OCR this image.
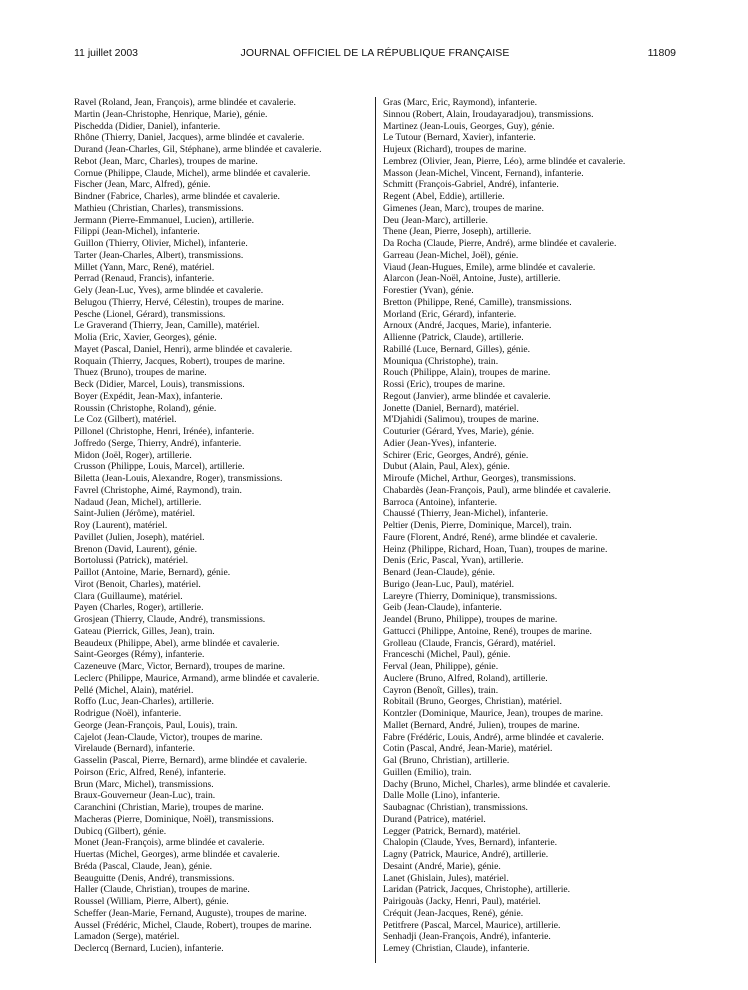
11 juillet 2003	JOURNAL OFFICIEL DE LA RÉPUBLIQUE FRANÇAISE	11809
Ravel (Roland, Jean, François), arme blindée et cavalerie.
Martin (Jean-Christophe, Henrique, Marie), génie.
Pischedda (Didier, Daniel), infanterie.
Rhône (Thierry, Daniel, Jacques), arme blindée et cavalerie.
Durand (Jean-Charles, Gil, Stéphane), arme blindée et cavalerie.
Rebot (Jean, Marc, Charles), troupes de marine.
Cornue (Philippe, Claude, Michel), arme blindée et cavalerie.
Fischer (Jean, Marc, Alfred), génie.
Bindner (Fabrice, Charles), arme blindée et cavalerie.
Mathieu (Christian, Charles), transmissions.
Jermann (Pierre-Emmanuel, Lucien), artillerie.
Filippi (Jean-Michel), infanterie.
Guillon (Thierry, Olivier, Michel), infanterie.
Tarter (Jean-Charles, Albert), transmissions.
Millet (Yann, Marc, René), matériel.
Perrad (Renaud, Francis), infanterie.
Gely (Jean-Luc, Yves), arme blindée et cavalerie.
Belugou (Thierry, Hervé, Célestin), troupes de marine.
Pesche (Lionel, Gérard), transmissions.
Le Graverand (Thierry, Jean, Camille), matériel.
Molia (Eric, Xavier, Georges), génie.
Mayet (Pascal, Daniel, Henri), arme blindée et cavalerie.
Roquain (Thierry, Jacques, Robert), troupes de marine.
Thuez (Bruno), troupes de marine.
Beck (Didier, Marcel, Louis), transmissions.
Boyer (Expédit, Jean-Max), infanterie.
Roussin (Christophe, Roland), génie.
Le Coz (Gilbert), matériel.
Pillonel (Christophe, Henri, Irénée), infanterie.
Joffredo (Serge, Thierry, André), infanterie.
Midon (Joël, Roger), artillerie.
Crusson (Philippe, Louis, Marcel), artillerie.
Biletta (Jean-Louis, Alexandre, Roger), transmissions.
Favrel (Christophe, Aimé, Raymond), train.
Nadaud (Jean, Michel), artillerie.
Saint-Julien (Jérôme), matériel.
Roy (Laurent), matériel.
Pavillet (Julien, Joseph), matériel.
Brenon (David, Laurent), génie.
Bortolussi (Patrick), matériel.
Paillot (Antoine, Marie, Bernard), génie.
Virot (Benoit, Charles), matériel.
Clara (Guillaume), matériel.
Payen (Charles, Roger), artillerie.
Grosjean (Thierry, Claude, André), transmissions.
Gateau (Pierrick, Gilles, Jean), train.
Beaudeux (Philippe, Abel), arme blindée et cavalerie.
Saint-Georges (Rémy), infanterie.
Cazeneuve (Marc, Victor, Bernard), troupes de marine.
Leclerc (Philippe, Maurice, Armand), arme blindée et cavalerie.
Pellé (Michel, Alain), matériel.
Roffo (Luc, Jean-Charles), artillerie.
Rodrigue (Noël), infanterie.
George (Jean-François, Paul, Louis), train.
Cajelot (Jean-Claude, Victor), troupes de marine.
Virelaude (Bernard), infanterie.
Gasselin (Pascal, Pierre, Bernard), arme blindée et cavalerie.
Poirson (Eric, Alfred, René), infanterie.
Brun (Marc, Michel), transmissions.
Braux-Gouverneur (Jean-Luc), train.
Caranchini (Christian, Marie), troupes de marine.
Macheras (Pierre, Dominique, Noël), transmissions.
Dubicq (Gilbert), génie.
Monet (Jean-François), arme blindée et cavalerie.
Huertas (Michel, Georges), arme blindée et cavalerie.
Bréda (Pascal, Claude, Jean), génie.
Beauguitte (Denis, André), transmissions.
Haller (Claude, Christian), troupes de marine.
Roussel (William, Pierre, Albert), génie.
Scheffer (Jean-Marie, Fernand, Auguste), troupes de marine.
Aussel (Frédéric, Michel, Claude, Robert), troupes de marine.
Lamadon (Serge), matériel.
Declercq (Bernard, Lucien), infanterie.
Gras (Marc, Eric, Raymond), infanterie.
Sinnou (Robert, Alain, Iroudayaradjou), transmissions.
Martinez (Jean-Louis, Georges, Guy), génie.
Le Tutour (Bernard, Xavier), infanterie.
Hujeux (Richard), troupes de marine.
Lembrez (Olivier, Jean, Pierre, Léo), arme blindée et cavalerie.
Masson (Jean-Michel, Vincent, Fernand), infanterie.
Schmitt (François-Gabriel, André), infanterie.
Regent (Abel, Eddie), artillerie.
Gimenes (Jean, Marc), troupes de marine.
Deu (Jean-Marc), artillerie.
Thene (Jean, Pierre, Joseph), artillerie.
Da Rocha (Claude, Pierre, André), arme blindée et cavalerie.
Garreau (Jean-Michel, Joël), génie.
Viaud (Jean-Hugues, Emile), arme blindée et cavalerie.
Alarcon (Jean-Noël, Antoine, Juste), artillerie.
Forestier (Yvan), génie.
Bretton (Philippe, René, Camille), transmissions.
Morland (Eric, Gérard), infanterie.
Arnoux (André, Jacques, Marie), infanterie.
Allienne (Patrick, Claude), artillerie.
Rabillé (Luce, Bernard, Gilles), génie.
Mouniqua (Christophe), train.
Rouch (Philippe, Alain), troupes de marine.
Rossi (Eric), troupes de marine.
Regout (Janvier), arme blindée et cavalerie.
Jonette (Daniel, Bernard), matériel.
M'Djahidi (Salimou), troupes de marine.
Couturier (Gérard, Yves, Marie), génie.
Adier (Jean-Yves), infanterie.
Schirer (Eric, Georges, André), génie.
Dubut (Alain, Paul, Alex), génie.
Miroufe (Michel, Arthur, Georges), transmissions.
Chabardès (Jean-François, Paul), arme blindée et cavalerie.
Barroca (Antoine), infanterie.
Chaussé (Thierry, Jean-Michel), infanterie.
Peltier (Denis, Pierre, Dominique, Marcel), train.
Faure (Florent, André, René), arme blindée et cavalerie.
Heinz (Philippe, Richard, Hoan, Tuan), troupes de marine.
Denis (Eric, Pascal, Yvan), artillerie.
Benard (Jean-Claude), génie.
Burigo (Jean-Luc, Paul), matériel.
Lareyre (Thierry, Dominique), transmissions.
Geib (Jean-Claude), infanterie.
Jeandel (Bruno, Philippe), troupes de marine.
Gattucci (Philippe, Antoine, René), troupes de marine.
Grolleau (Claude, Francis, Gérard), matériel.
Franceschi (Michel, Paul), génie.
Ferval (Jean, Philippe), génie.
Auclere (Bruno, Alfred, Roland), artillerie.
Cayron (Benoît, Gilles), train.
Robitail (Bruno, Georges, Christian), matériel.
Kontzler (Dominique, Maurice, Jean), troupes de marine.
Mallet (Bernard, André, Julien), troupes de marine.
Fabre (Frédéric, Louis, André), arme blindée et cavalerie.
Cotin (Pascal, André, Jean-Marie), matériel.
Gal (Bruno, Christian), artillerie.
Guillen (Emilio), train.
Dachy (Bruno, Michel, Charles), arme blindée et cavalerie.
Dalle Molle (Lino), infanterie.
Saubagnac (Christian), transmissions.
Durand (Patrice), matériel.
Legger (Patrick, Bernard), matériel.
Chalopin (Claude, Yves, Bernard), infanterie.
Lagny (Patrick, Maurice, André), artillerie.
Desaint (André, Marie), génie.
Lanet (Ghislain, Jules), matériel.
Laridan (Patrick, Jacques, Christophe), artillerie.
Pairigouàs (Jacky, Henri, Paul), matériel.
Créquit (Jean-Jacques, René), génie.
Petitfrere (Pascal, Marcel, Maurice), artillerie.
Senhadji (Jean-François, André), infanterie.
Lemey (Christian, Claude), infanterie.
